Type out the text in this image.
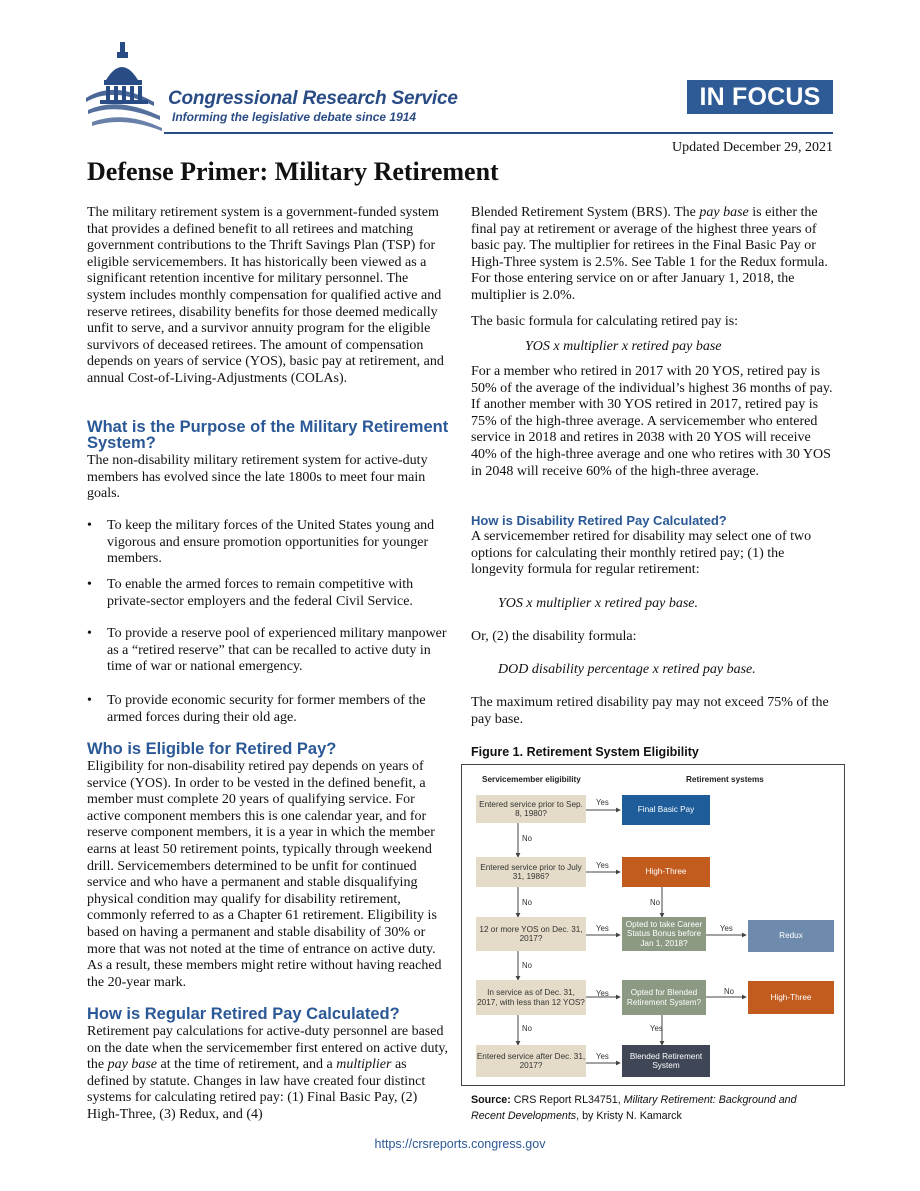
Congressional Research Service
Informing the legislative debate since 1914
IN FOCUS
Updated December 29, 2021
Defense Primer: Military Retirement

The military retirement system is a government-funded system that provides a defined benefit to all retirees and matching government contributions to the Thrift Savings Plan (TSP) for eligible servicemembers. It has historically been viewed as a significant retention incentive for military personnel. The system includes monthly compensation for qualified active and reserve retirees, disability benefits for those deemed medically unfit to serve, and a survivor annuity program for the eligible survivors of deceased retirees. The amount of compensation depends on years of service (YOS), basic pay at retirement, and annual Cost-of-Living-Adjustments (COLAs).

What is the Purpose of the Military Retirement System?
The non-disability military retirement system for active-duty members has evolved since the late 1800s to meet four main goals.
• To keep the military forces of the United States young and vigorous and ensure promotion opportunities for younger members.
• To enable the armed forces to remain competitive with private-sector employers and the federal Civil Service.
• To provide a reserve pool of experienced military manpower as a “retired reserve” that can be recalled to active duty in time of war or national emergency.
• To provide economic security for former members of the armed forces during their old age.
Who is Eligible for Retired Pay?
Eligibility for non-disability retired pay depends on years of service (YOS). In order to be vested in the defined benefit, a member must complete 20 years of qualifying service. For active component members this is one calendar year, and for reserve component members, it is a year in which the member earns at least 50 retirement points, typically through weekend drill. Servicemembers determined to be unfit for continued service and who have a permanent and stable disqualifying physical condition may qualify for disability retirement, commonly referred to as a Chapter 61 retirement. Eligibility is based on having a permanent and stable disability of 30% or more that was not noted at the time of entrance on active duty. As a result, these members might retire without having reached the 20-year mark.
How is Regular Retired Pay Calculated?
Retirement pay calculations for active-duty personnel are based on the date when the servicemember first entered on active duty, the pay base at the time of retirement, and a multiplier as defined by statute. Changes in law have created four distinct systems for calculating retired pay: (1) Final Basic Pay, (2) High-Three, (3) Redux, and (4)
Blended Retirement System (BRS). The pay base is either the final pay at retirement or average of the highest three years of basic pay. The multiplier for retirees in the Final Basic Pay or High-Three system is 2.5%. See Table 1 for the Redux formula. For those entering service on or after January 1, 2018, the multiplier is 2.0%.
The basic formula for calculating retired pay is:
YOS x multiplier x retired pay base
For a member who retired in 2017 with 20 YOS, retired pay is 50% of the average of the individual’s highest 36 months of pay. If another member with 30 YOS retired in 2017, retired pay is 75% of the high-three average. A servicemember who entered service in 2018 and retires in 2038 with 20 YOS will receive 40% of the high-three average and one who retires with 30 YOS in 2048 will receive 60% of the high-three average.
How is Disability Retired Pay Calculated?
A servicemember retired for disability may select one of two options for calculating their monthly retired pay; (1) the longevity formula for regular retirement:
YOS x multiplier x retired pay base.
Or, (2) the disability formula:
DOD disability percentage x retired pay base.
The maximum retired disability pay may not exceed 75% of the pay base.
Figure 1. Retirement System Eligibility
Servicemember eligibility	Retirement systems
Entered service prior to Sep. 8, 1980?
Entered service prior to July 31, 1986?
12 or more YOS on Dec. 31, 2017?
In service as of Dec. 31, 2017, with less than 12 YOS?
Entered service after Dec. 31, 2017?
Final Basic Pay
High-Three
Opted to take Career Status Bonus before Jan 1, 2018?
Redux
Opted for Blended Retirement System?
High-Three
Blended Retirement System
Yes
No
Yes
No	No
Yes	Yes
No
Yes	No
No	Yes
Yes
Source: CRS Report RL34751, Military Retirement: Background and Recent Developments, by Kristy N. Kamarck
https://crsreports.congress.gov
